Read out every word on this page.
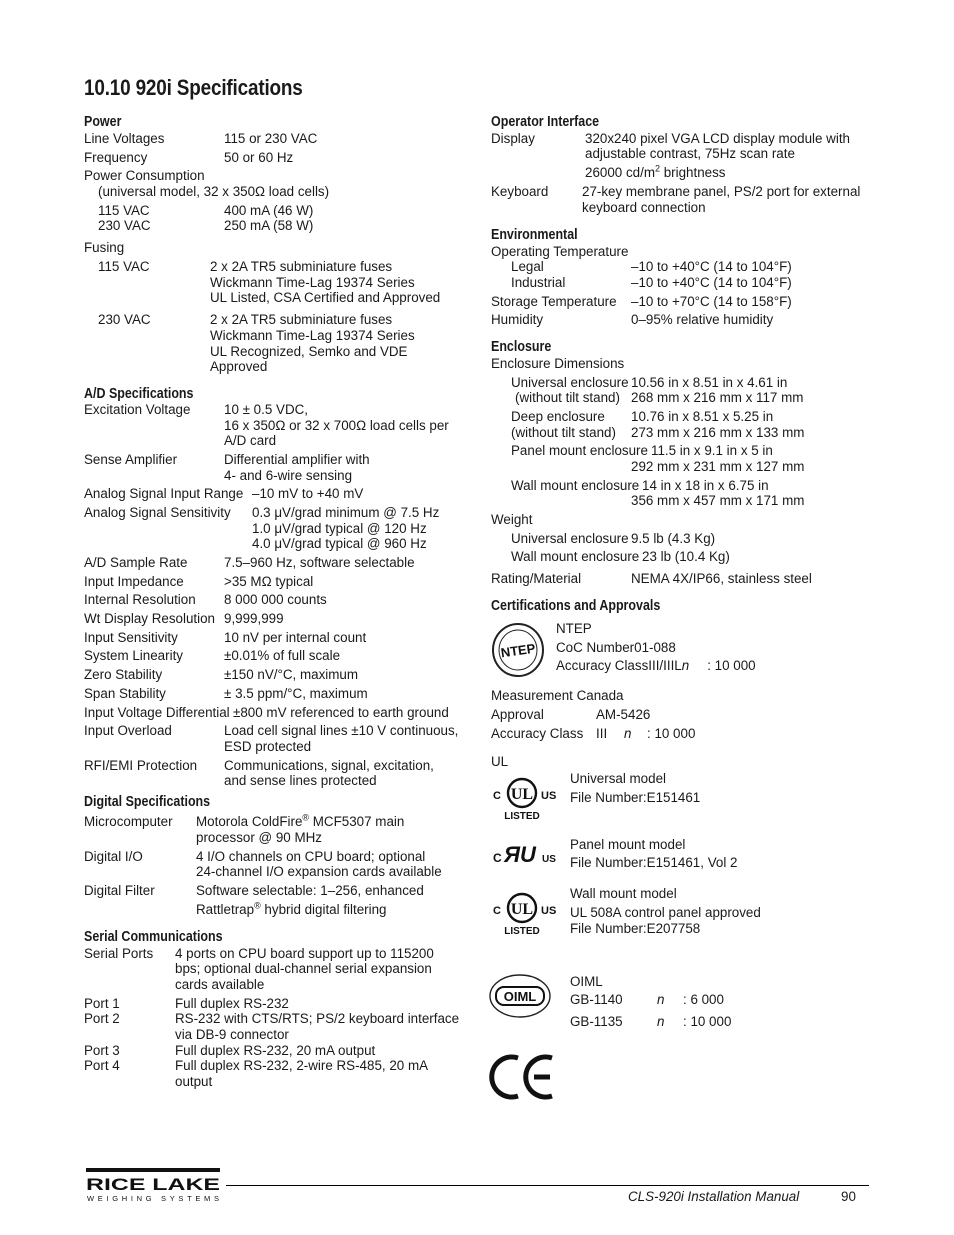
10.10 920i Specifications
Power
Line Voltages	115 or 230 VAC
Frequency	50 or 60 Hz
Power Consumption
(universal model, 32 x 350Ω load cells)
115 VAC	400 mA (46 W)
230 VAC	250 mA (58 W)
Fusing
115 VAC	2 x 2A TR5 subminiature fuses
Wickmann Time-Lag 19374 Series
UL Listed, CSA Certified and Approved
230 VAC	2 x 2A TR5 subminiature fuses
Wickmann Time-Lag 19374 Series
UL Recognized, Semko and VDE
Approved
A/D Specifications
Excitation Voltage	10 ± 0.5 VDC,
16 x 350Ω or 32 x 700Ω load cells per
A/D card
Sense Amplifier	Differential amplifier with
4- and 6-wire sensing
Analog Signal Input Range –10 mV to +40 mV
Analog Signal Sensitivity 0.3 μV/grad minimum @ 7.5 Hz
1.0 μV/grad typical @ 120 Hz
4.0 μV/grad typical @ 960 Hz
A/D Sample Rate	7.5–960 Hz, software selectable
Input Impedance	>35 MΩ typical
Internal Resolution 8 000 000 counts
Wt Display Resolution 9,999,999
Input Sensitivity	10 nV per internal count
System Linearity	±0.01% of full scale
Zero Stability	±150 nV/°C, maximum
Span Stability	± 3.5 ppm/°C, maximum
Input Voltage Differential ±800 mV referenced to earth ground
Input Overload	Load cell signal lines ±10 V continuous,
ESD protected
RFI/EMI Protection Communications, signal, excitation,
and sense lines protected
Digital Specifications
Microcomputer Motorola ColdFire® MCF5307 main
processor @ 90 MHz
Digital I/O	4 I/O channels on CPU board; optional
24-channel I/O expansion cards available
Digital Filter	Software selectable: 1–256, enhanced
Rattletrap® hybrid digital filtering
Serial Communications
Serial Ports 4 ports on CPU board support up to 115200
bps; optional dual-channel serial expansion
cards available
Port 1	Full duplex RS-232
Port 2	RS-232 with CTS/RTS; PS/2 keyboard interface
via DB-9 connector
Port 3	Full duplex RS-232, 20 mA output
Port 4	Full duplex RS-232, 2-wire RS-485, 20 mA
output
Operator Interface
Display	320x240 pixel VGA LCD display module with
adjustable contrast, 75Hz scan rate
26000 $cd/m^2$ brightness
Keyboard	27-key membrane panel, PS/2 port for external
keyboard connection
Environmental
Operating Temperature
Legal	–10 to +40°C (14 to 104°F)
Industrial	–10 to +40°C (14 to 104°F)
Storage Temperature –10 to +70°C (14 to 158°F)
Humidity	0–95% relative humidity
Enclosure
Enclosure Dimensions
Universal enclosure 10.56 in x 8.51 in x 4.61 in
(without tilt stand) 268 mm x 216 mm x 117 mm
Deep enclosure 10.76 in x 8.51 x 5.25 in
(without tilt stand) 273 mm x 216 mm x 133 mm
Panel mount enclosure 11.5 in x 9.1 in x 5 in
292 mm x 231 mm x 127 mm
Wall mount enclosure 14 in x 18 in x 6.75 in
356 mm x 457 mm x 171 mm
Weight
Universal enclosure 9.5 lb (4.3 Kg)
Wall mount enclosure 23 lb (10.4 Kg)
Rating/Material	NEMA 4X/IP66, stainless steel
Certifications and Approvals
NTEP
NTEP
CoC Number01-088
Accuracy ClassIII/IIILn : 10 000
Measurement Canada
Approval	AM-5426
Accuracy Class III n : 10 000
UL
UL
C	US
LISTED
Universal model
File Number:E151461
C ЯU US
Panel mount model
File Number:E151461, Vol 2
UL
C	US
LISTED
Wall mount model
UL 508A control panel approved
File Number:E207758
OIML
OIML
GB-1140	n : 6 000
GB-1135	n : 10 000
RICE LAKE
WEIGHING SYSTEMS	CLS-920i Installation Manual	90
